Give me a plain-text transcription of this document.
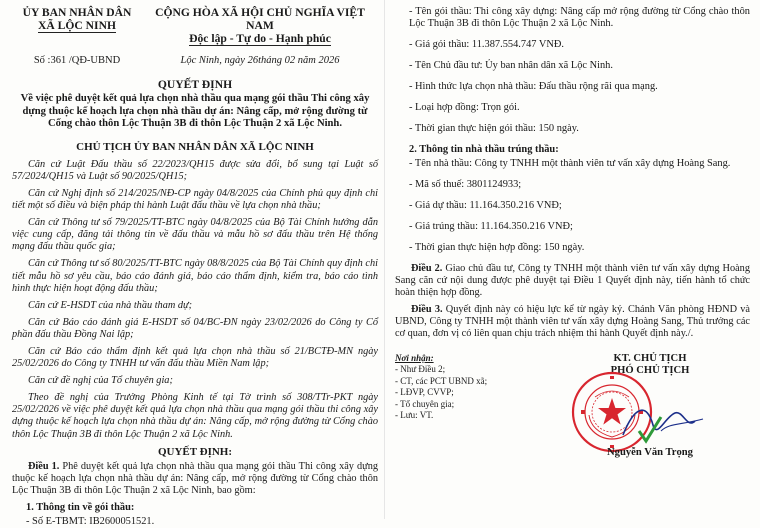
ỦY BAN NHÂN DÂN
XÃ LỘC NINH
CỘNG HÒA XÃ HỘI CHỦ NGHĨA VIỆT NAM
Độc lập - Tự do - Hạnh phúc
Số :361 /QĐ-UBND	Lộc Ninh, ngày 26tháng 02 năm 2026
QUYẾT ĐỊNH
Về việc phê duyệt kết quả lựa chọn nhà thầu qua mạng gói thầu Thi công xây dựng thuộc kế hoạch lựa chọn nhà thầu dự án: Nâng cấp, mở rộng đường từ Cổng chào thôn Lộc Thuận 3B đi thôn Lộc Thuận 2 xã Lộc Ninh.
CHỦ TỊCH ỦY BAN NHÂN DÂN XÃ LỘC NINH

Căn cứ Luật Đấu thầu số 22/2023/QH15 được sửa đổi, bổ sung tại Luật số 57/2024/QH15 và Luật số 90/2025/QH15;

Căn cứ Nghị định số 214/2025/NĐ-CP ngày 04/8/2025 của Chính phủ quy định chi tiết một số điều và biện pháp thi hành Luật đấu thầu về lựa chọn nhà thầu;

Căn cứ Thông tư số 79/2025/TT-BTC ngày 04/8/2025 của Bộ Tài Chính hướng dẫn việc cung cấp, đăng tải thông tin về đấu thầu và mẫu hồ sơ đấu thầu trên Hệ thống mạng đấu thầu quốc gia;

Căn cứ Thông tư số 80/2025/TT-BTC ngày 08/8/2025 của Bộ Tài Chính quy định chi tiết mẫu hồ sơ yêu cầu, báo cáo đánh giá, báo cáo thẩm định, kiểm tra, báo cáo tình hình thực hiện hoạt động đấu thầu;

Căn cứ E-HSDT của nhà thầu tham dự;

Căn cứ Báo cáo đánh giá E-HSDT số 04/BC-ĐN ngày 23/02/2026 do Công ty Cổ phần đấu thầu Đồng Nai lập;

Căn cứ Báo cáo thẩm định kết quả lựa chọn nhà thầu số 21/BCTĐ-MN ngày 25/02/2026 do Công ty TNHH tư vấn đấu thầu Miền Nam lập;

Căn cứ đề nghị của Tổ chuyên gia;

Theo đề nghị của Trưởng Phòng Kinh tế tại Tờ trình số 308/TTr-PKT ngày 25/02/2026 về việc phê duyệt kết quả lựa chọn nhà thầu qua mạng gói thầu thi công xây dựng thuộc kế hoạch lựa chọn nhà thầu dự án: Nâng cấp, mở rộng đường từ Cổng chào thôn Lộc Thuận 3B đi thôn Lộc Thuận 2 xã Lộc Ninh.

QUYẾT ĐỊNH:

Điều 1. Phê duyệt kết quả lựa chọn nhà thầu qua mạng gói thầu Thi công xây dựng thuộc kế hoạch lựa chọn nhà thầu dự án: Nâng cấp, mở rộng đường từ Cổng chào thôn Lộc Thuận 3B đi thôn Lộc Thuận 2 xã Lộc Ninh, bao gồm:

1. Thông tin về gói thầu:
- Số E-TBMT: IB2600051521.
- Tên gói thầu: Thi công xây dựng: Nâng cấp mở rộng đường từ Cổng chào thôn Lộc Thuận 3B đi thôn Lộc Thuận 2 xã Lộc Ninh.
- Giá gói thầu: 11.387.554.747 VNĐ.
- Tên Chủ đầu tư: Ủy ban nhân dân xã Lộc Ninh.
- Hình thức lựa chọn nhà thầu: Đấu thầu rộng rãi qua mạng.
- Loại hợp đồng: Trọn gói.
- Thời gian thực hiện gói thầu: 150 ngày.
2. Thông tin nhà thầu trúng thầu:
- Tên nhà thầu: Công ty TNHH một thành viên tư vấn xây dựng Hoàng Sang.
- Mã số thuế: 3801124933;
- Giá dự thầu: 11.164.350.216 VNĐ;
- Giá trúng thầu: 11.164.350.216 VNĐ;
- Thời gian thực hiện hợp đồng: 150 ngày.

Điều 2. Giao chủ đầu tư, Công ty TNHH một thành viên tư vấn xây dựng Hoàng Sang căn cứ nội dung được phê duyệt tại Điều 1 Quyết định này, tiến hành tổ chức hoàn thiện hợp đồng.

Điều 3. Quyết định này có hiệu lực kể từ ngày ký. Chánh Văn phòng HĐND và UBND, Công ty TNHH một thành viên tư vấn xây dựng Hoàng Sang, Thủ trưởng các cơ quan, đơn vị có liên quan chịu trách nhiệm thi hành Quyết định này./.

Nơi nhận:
- Như Điều 2;
- CT, các PCT UBND xã;
- LĐVP, CVVP;
- Tổ chuyên gia;
- Lưu: VT.
KT. CHỦ TỊCH
PHÓ CHỦ TỊCH
Nguyễn Văn Trọng
